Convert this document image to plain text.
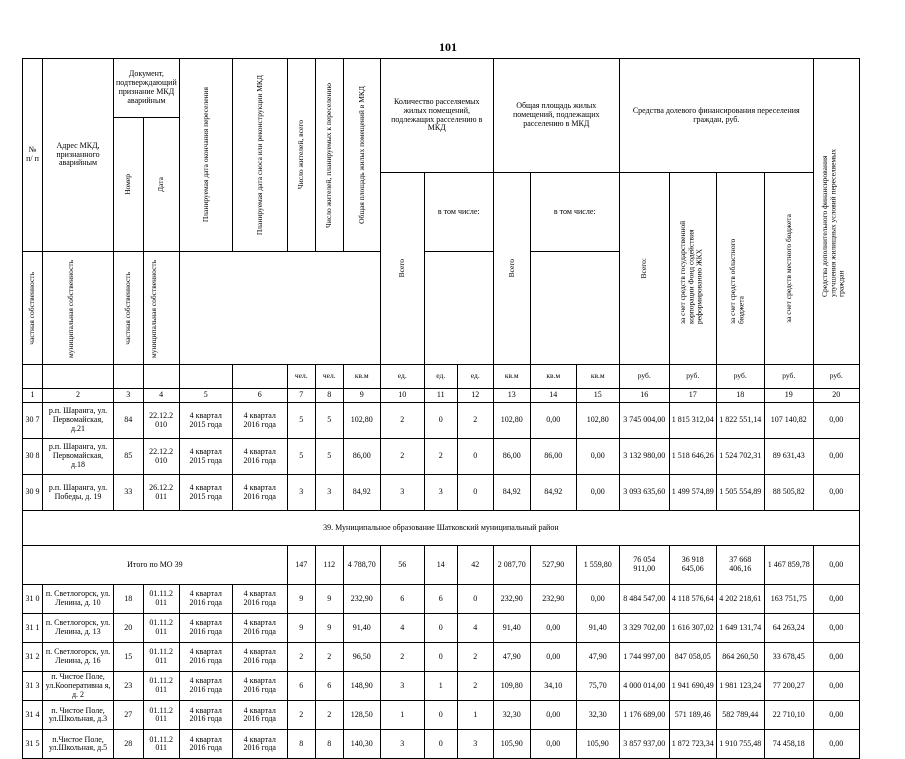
101
№ п/ п	Адрес МКД, признанного аварийным	Документ, подтверждающий признание МКД аварийным		Планируемая дата окончания переселения	Планируемая дата сноса или реконструкции МКД	Число жителей, всего	Число жителей, планируемых к переселению	Общая площадь жилых помещений в МКД	Количество расселяемых жилых помещений, подлежащих расселению в МКД			Общая площадь жилых помещений, подлежащих расселению в МКД			Средства долевого финансирования переселения граждан, руб.				Средства дополнительного финансирования улучшения жилищных условий переселяемых граждан

		Номер	Дата																

									Всего	в том числе:		Всего	в том числе:		Всего:	за счет средств государственной корпорации Фонд содействия реформированию ЖКХ	за счет средств областного бюджета	за счет средств местного бюджета	

частная собственность	муниципальная собственность	частная собственность	муниципальная собственность																

						чел.	чел.	кв.м	ед.	ед.	ед.	кв.м	кв.м	кв.м	руб.	руб.	руб.	руб.	руб.
1	2	3	4	5	6	7	8	9	10	11	12	13	14	15	16	17	18	19	20
30 7	р.п. Шаранга, ул. Первомайская, д.21	84	22.12.2 010	4 квартал 2015 года	4 квартал 2016 года	5	5	102,80	2	0	2	102,80	0,00	102,80	3 745 004,00	1 815 312,04	1 822 551,14	107 140,82	0,00
30 8	р.п. Шаранга, ул. Первомайская, д.18	85	22.12.2 010	4 квартал 2015 года	4 квартал 2016 года	5	5	86,00	2	2	0	86,00	86,00	0,00	3 132 980,00	1 518 646,26	1 524 702,31	89 631,43	0,00
30 9	р.п. Шаранга, ул. Победы, д. 19	33	26.12.2 011	4 квартал 2015 года	4 квартал 2016 года	3	3	84,92	3	3	0	84,92	84,92	0,00	3 093 635,60	1 499 574,89	1 505 554,89	88 505,82	0,00
39. Муниципальное образование Шатковский муниципальный район																			
Итого по МО 39						147	112	4 788,70	56	14	42	2 087,70	527,90	1 559,80	76 054 911,00	36 918 645,06	37 668 406,16	1 467 859,78	0,00
31 0	п. Светлогорск, ул. Ленина, д. 10	18	01.11.2 011	4 квартал 2016 года	4 квартал 2016 года	9	9	232,90	6	6	0	232,90	232,90	0,00	8 484 547,00	4 118 576,64	4 202 218,61	163 751,75	0,00
31 1	п. Светлогорск, ул. Ленина, д. 13	20	01.11.2 011	4 квартал 2016 года	4 квартал 2016 года	9	9	91,40	4	0	4	91,40	0,00	91,40	3 329 702,00	1 616 307,02	1 649 131,74	64 263,24	0,00
31 2	п. Светлогорск, ул. Ленина, д. 16	15	01.11.2 011	4 квартал 2016 года	4 квартал 2016 года	2	2	96,50	2	0	2	47,90	0,00	47,90	1 744 997,00	847 058,05	864 260,50	33 678,45	0,00
31 3	п. Чистое Поле, ул.Кооперативна я, д. 2	23	01.11.2 011	4 квартал 2016 года	4 квартал 2016 года	6	6	148,90	3	1	2	109,80	34,10	75,70	4 000 014,00	1 941 690,49	1 981 123,24	77 200,27	0,00
31 4	п. Чистое Поле, ул.Школьная, д.3	27	01.11.2 011	4 квартал 2016 года	4 квартал 2016 года	2	2	128,50	1	0	1	32,30	0,00	32,30	1 176 689,00	571 189,46	582 789,44	22 710,10	0,00
31 5	п.Чистое Поле, ул.Школьная, д.5	28	01.11.2 011	4 квартал 2016 года	4 квартал 2016 года	8	8	140,30	3	0	3	105,90	0,00	105,90	3 857 937,00	1 872 723,34	1 910 755,48	74 458,18	0,00
